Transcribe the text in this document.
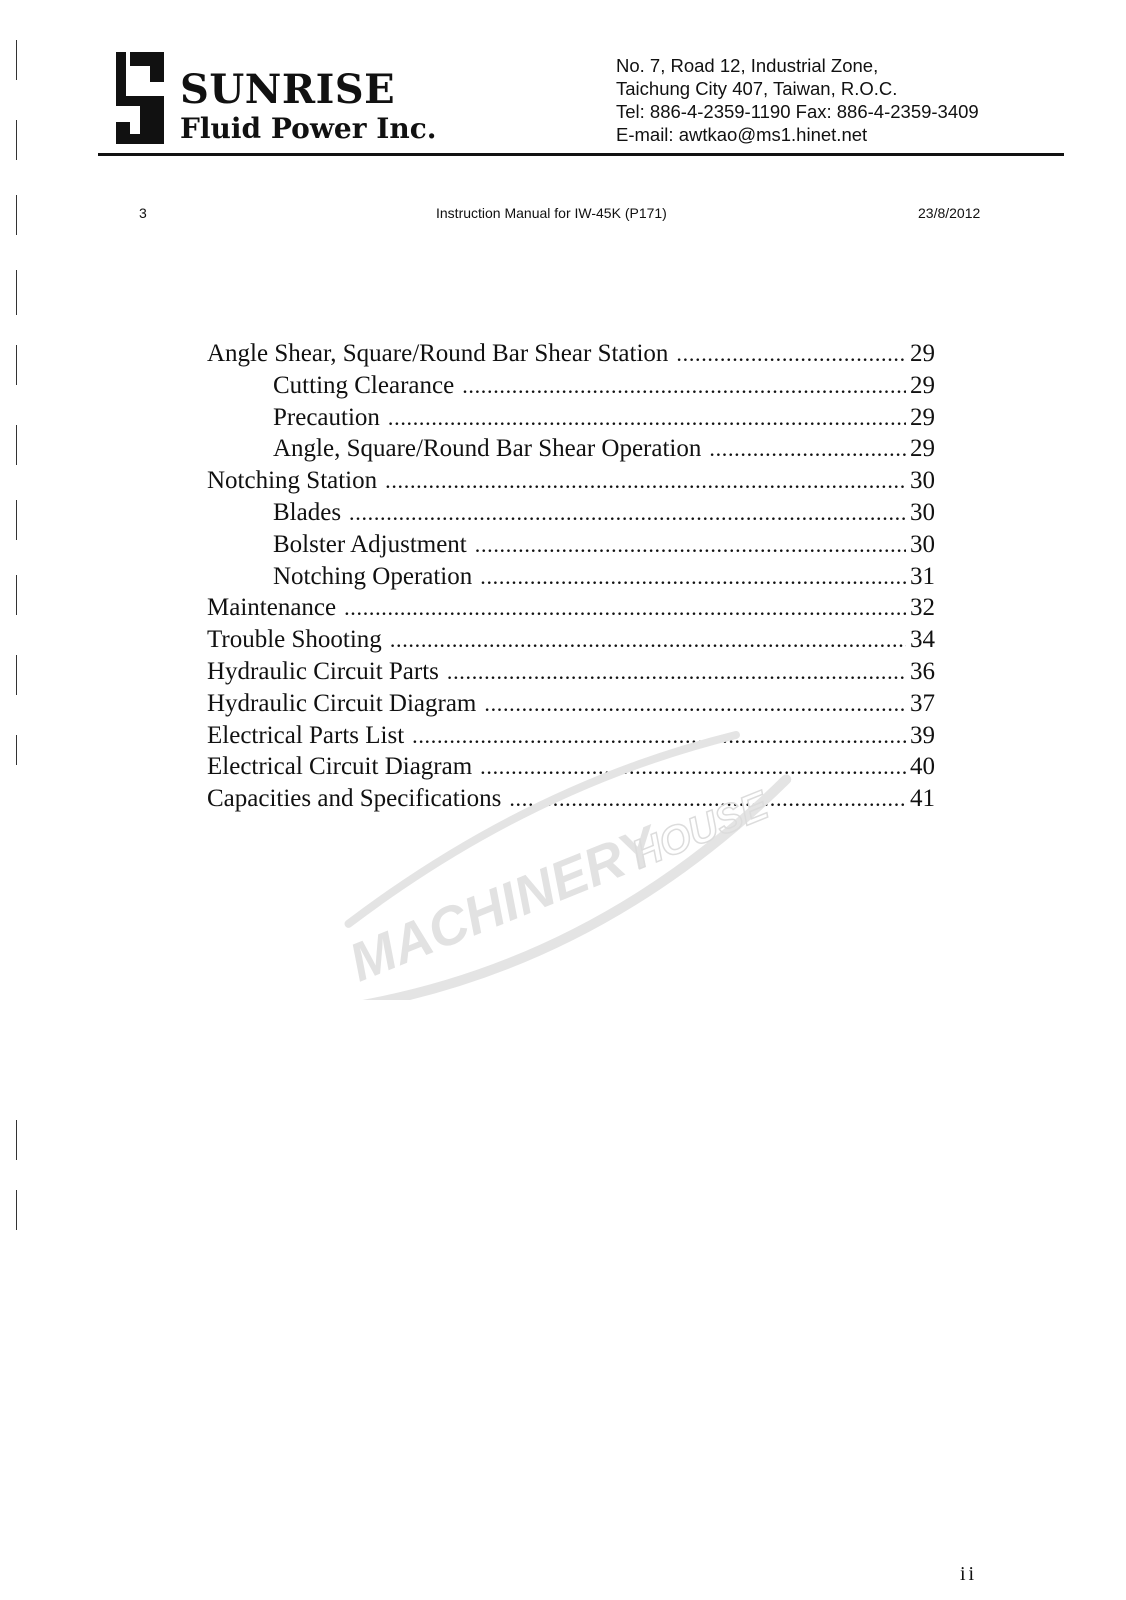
SUNRISE
Fluid Power Inc.
No. 7, Road 12, Industrial Zone,
Taichung City 407, Taiwan, R.O.C.
Tel: 886-4-2359-1190 Fax: 886-4-2359-3409
E-mail: awtkao@ms1.hinet.net
3	Instruction Manual for IW-45K (P171)	23/8/2012
Angle Shear, Square/Round Bar Shear Station . . .	29
Cutting Clearance . . .	29
Precaution . . .	29
Angle, Square/Round Bar Shear Operation . . .	29
Notching Station . . .	30
Blades . . .	30
Bolster Adjustment . . .	30
Notching Operation . . .	31
Maintenance . . .	32
Trouble Shooting . . .	34
Hydraulic Circuit Parts . . .	36
Hydraulic Circuit Diagram . . .	37
Electrical Parts List . . .	39
Electrical Circuit Diagram . . .	40
Capacities and Specifications . . .	41
MACHINERY
HOUSE
ii
